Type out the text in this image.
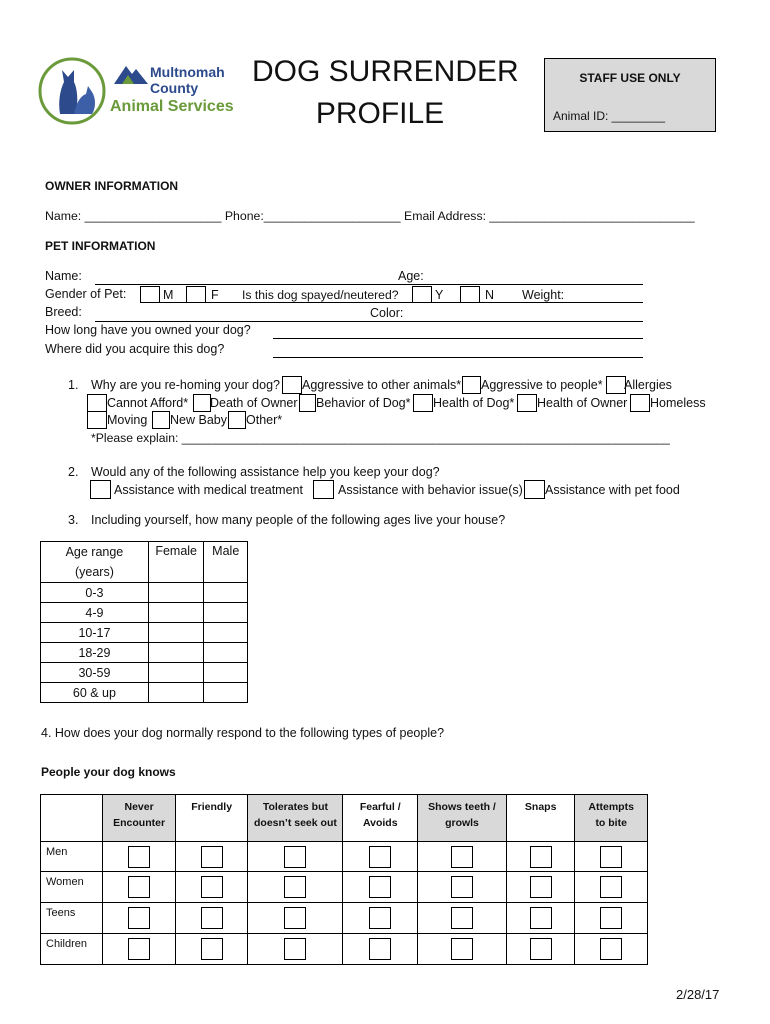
Multnomah
County
Animal Services
DOG SURRENDER
PROFILE
STAFF USE ONLY
Animal ID: ________
OWNER INFORMATION
Name: ____________________ Phone:____________________ Email Address: ______________________________
PET INFORMATION
Name:	Age:
Gender of Pet:	M	F Is this dog spayed/neutered?	Y	N Weight:
Breed:	Color:
How long have you owned your dog?
Where did you acquire this dog?
1. Why are you re-homing your dog? Aggressive to other animals* Aggressive to people* Allergies
Cannot Afford* Death of Owner Behavior of Dog* Health of Dog* Health of Owner Homeless
Moving New Baby Other*
*Please explain: ________________________________________________________________________
2. Would any of the following assistance help you keep your dog?
Assistance with medical treatment	Assistance with behavior issue(s) Assistance with pet food
3. Including yourself, how many people of the following ages live your house?
Age range (years)	Female	Male
0-3		
4-9		
10-17		
18-29		
30-59		
60 & up		
4. How does your dog normally respond to the following types of people?
People your dog knows
	Never Encounter	Friendly	Tolerates but doesn’t seek out	Fearful / Avoids	Shows teeth / growls	Snaps	Attempts to bite
Men	

Women	

Teens	

Children	

2/28/17
